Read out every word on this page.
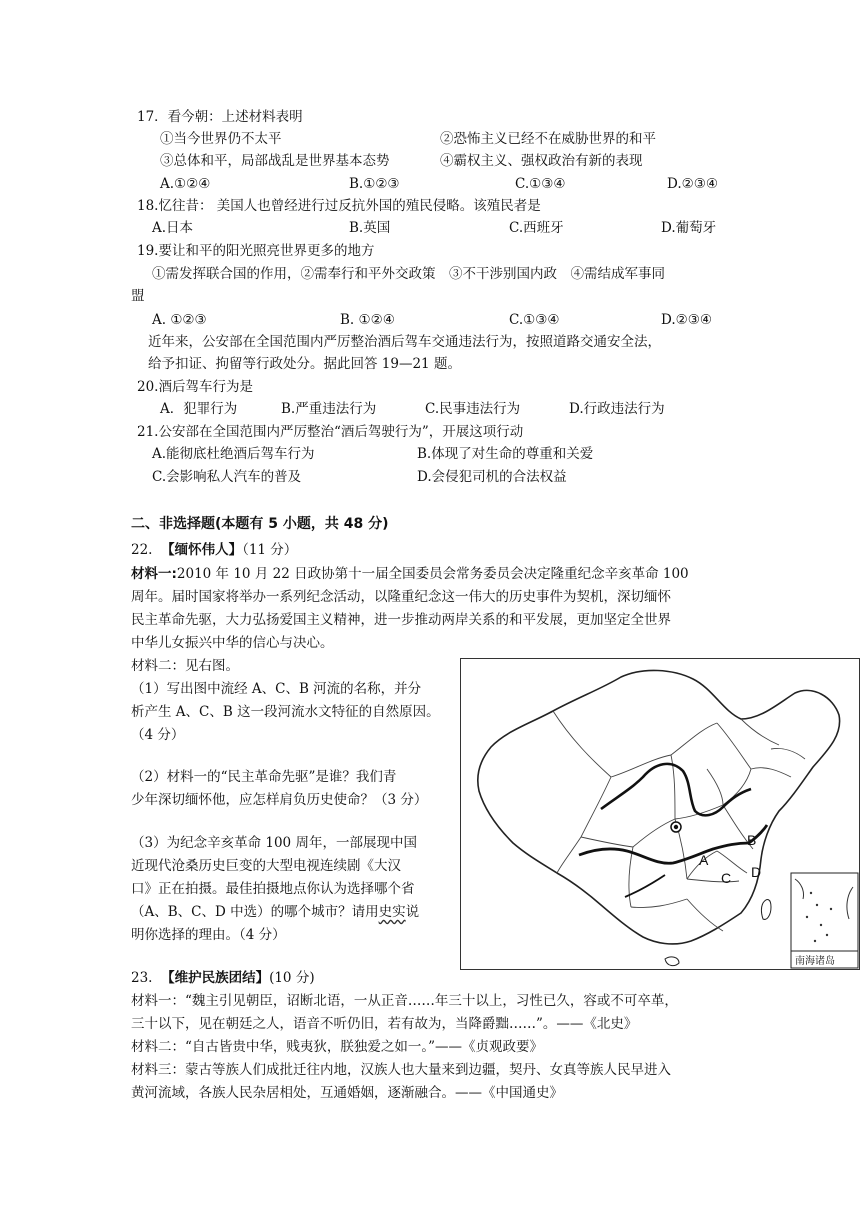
17．看今朝：上述材料表明
①当今世界仍不太平	②恐怖主义已经不在威胁世界的和平
③总体和平，局部战乱是世界基本态势	④霸权主义、强权政治有新的表现
A.①②④	B.①②③	C.①③④	D.②③④
18.忆往昔： 美国人也曾经进行过反抗外国的殖民侵略。该殖民者是
A.日本	B.英国	C.西班牙	D.葡萄牙
19.要让和平的阳光照亮世界更多的地方
①需发挥联合国的作用，②需奉行和平外交政策　③不干涉别国内政　④需结成军事同
盟
A. ①②③	B. ①②④	C.①③④	D.②③④
近年来，公安部在全国范围内严厉整治酒后驾车交通违法行为，按照道路交通安全法，
给予扣证、拘留等行政处分。据此回答 19—21 题。
20.酒后驾车行为是
A．犯罪行为	B.严重违法行为	C.民事违法行为	D.行政违法行为
21.公安部在全国范围内严厉整治“酒后驾驶行为”，开展这项行动
A.能彻底杜绝酒后驾车行为	B.体现了对生命的尊重和关爱
C.会影响私人汽车的普及	D.会侵犯司机的合法权益
二、非选择题(本题有 5 小题，共 48 分)
22. 【缅怀伟人】（11 分）
材料一:2010 年 10 月 22 日政协第十一届全国委员会常务委员会决定隆重纪念辛亥革命 100
周年。届时国家将举办一系列纪念活动，以隆重纪念这一伟大的历史事件为契机，深切缅怀
民主革命先驱，大力弘扬爱国主义精神，进一步推动两岸关系的和平发展，更加坚定全世界
中华儿女振兴中华的信心与决心。
材料二：见右图。
（1）写出图中流经 A、C、B 河流的名称，并分
析产生 A、C、B 这一段河流水文特征的自然原因。
（4 分）
（2）材料一的“民主革命先驱”是谁？我们青
少年深切缅怀他，应怎样肩负历史使命？（3 分）
（3）为纪念辛亥革命 100 周年，一部展现中国
近现代沧桑历史巨变的大型电视连续剧《大汉
口》正在拍摄。最佳拍摄地点你认为选择哪个省
（A、B、C、D 中选）的哪个城市？请用史实说
明你选择的理由。（4 分）
B
A
C D
南海诸岛
23. 【维护民族团结】(10 分)
材料一：“魏主引见朝臣，诏断北语，一从正音……年三十以上，习性已久，容或不可卒革，
三十以下，见在朝廷之人，语音不听仍旧，若有故为，当降爵黜……”。——《北史》
材料二：“自古皆贵中华，贱夷狄，朕独爱之如一。”——《贞观政要》
材料三：蒙古等族人们成批迁往内地，汉族人也大量来到边疆，契丹、女真等族人民早进入
黄河流域，各族人民杂居相处，互通婚姻，逐渐融合。——《中国通史》
